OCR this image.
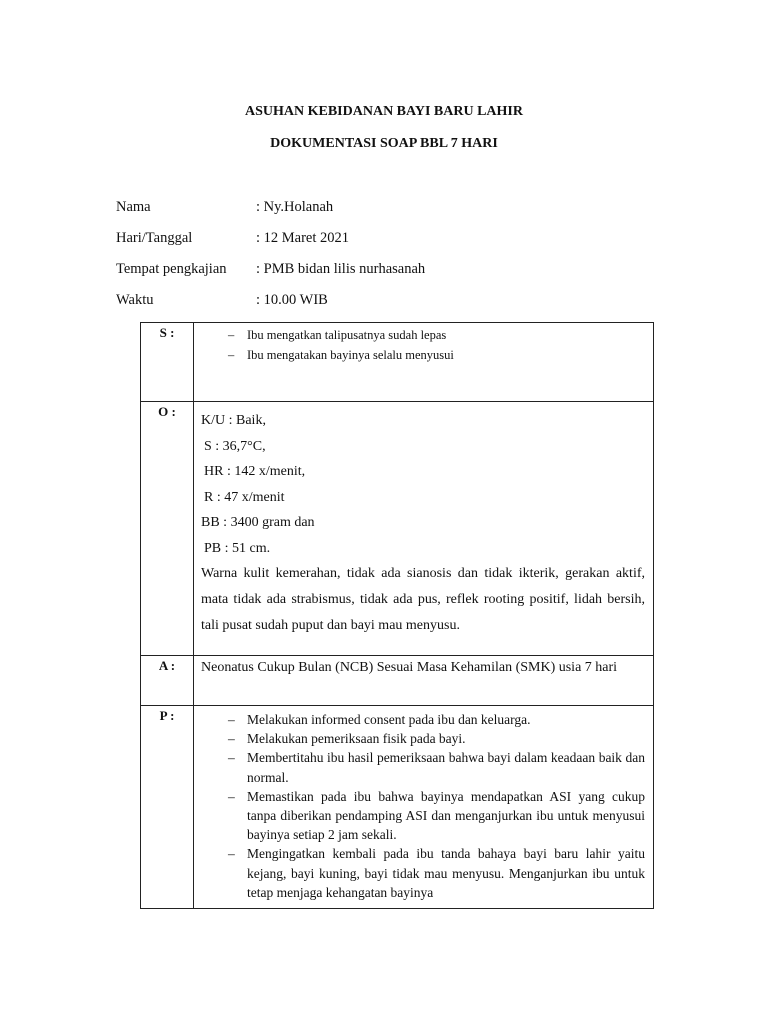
ASUHAN KEBIDANAN BAYI BARU LAHIR
DOKUMENTASI SOAP BBL 7 HARI
Nama	: Ny.Holanah
Hari/Tanggal	: 12 Maret 2021
Tempat pengkajian : PMB bidan lilis nurhasanah
Waktu	: 10.00 WIB
S :	– Ibu mengatkan talipusatnya sudah lepas
– Ibu mengatakan bayinya selalu menyusui
O :
K/U : Baik,
S : 36,7°C,
HR : 142 x/menit,
R : 47 x/menit
BB : 3400 gram dan
PB : 51 cm.
Warna kulit kemerahan, tidak ada sianosis dan tidak ikterik, gerakan aktif, mata tidak ada strabismus, tidak ada pus, reflek rooting positif, lidah bersih, tali pusat sudah puput dan bayi mau menyusu.
A :	Neonatus Cukup Bulan (NCB) Sesuai Masa Kehamilan (SMK) usia 7 hari
P :	– Melakukan informed consent pada ibu dan keluarga.
– Melakukan pemeriksaan fisik pada bayi.
– Membertitahu ibu hasil pemeriksaan bahwa bayi dalam keadaan baik dan normal.
– Memastikan pada ibu bahwa bayinya mendapatkan ASI yang cukup tanpa diberikan pendamping ASI dan menganjurkan ibu untuk menyusui bayinya setiap 2 jam sekali.
– Mengingatkan kembali pada ibu tanda bahaya bayi baru lahir yaitu kejang, bayi kuning, bayi tidak mau menyusu. Menganjurkan ibu untuk tetap menjaga kehangatan bayinya
